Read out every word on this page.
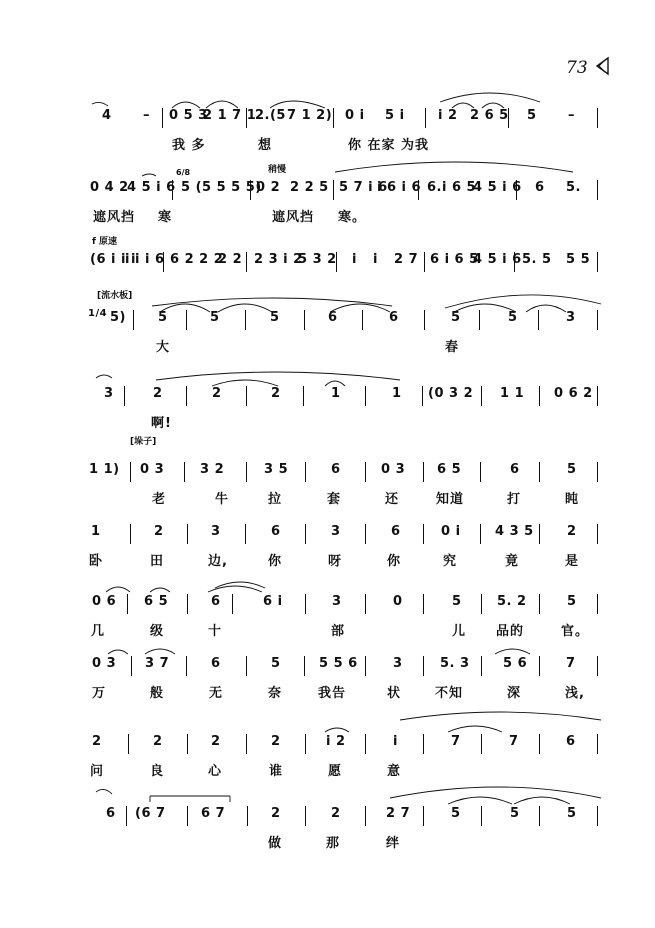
73
4 – 0 5 3
2 1 7 1
2.(5 7 1 2) 0 i 5 i	i 2 2 6 5 5 –
我 多	想	你 在家 为我
稍慢
6/8
0 4 2
4 5 i 6 5 (5 5 5 5)
0 2 2 2 5 5 7 i 6
i 6 i 6 6.i 6 5
4 5 i 6 6 5.
遮风挡 寒	遮风挡 寒。
f 原速
(6 i i i
i i i 6 6 2 2 2
2 2 2 3 i 2
5 3 2 i i 2 7 6 i 6 5
4 5 i 6 5. 5 5 5
[流水板]
1/4 5) 5	5	5	6	6	5	5	3
大	春
3	2	2	2	1	1 (0 3 2 1 1 0 6 2
啊!
[垛子]
1 1) 0 3	3 2	3 5	6	0 3 6 5	6	5
老	牛	拉	套	还	知道	打	盹
1	2	3	6	3	6	0 i	4 3 5	2
卧	田	边,	你	呀	你	究	竟	是
0 6 6 5	6	6 i	3	0	5	5. 2	5
几	级	十	部	儿 品的	官。
0 3 3 7	6	5	5 5 6	3	5. 3	5 6	7
万	般	无	奈	我告	状	不知	深	浅,
2	2	2	2	i 2	i	7	7	6
问	良	心	谁	愿	意
6 (6 7	6 7	2	2	2 7	5	5	5
做	那	绊
